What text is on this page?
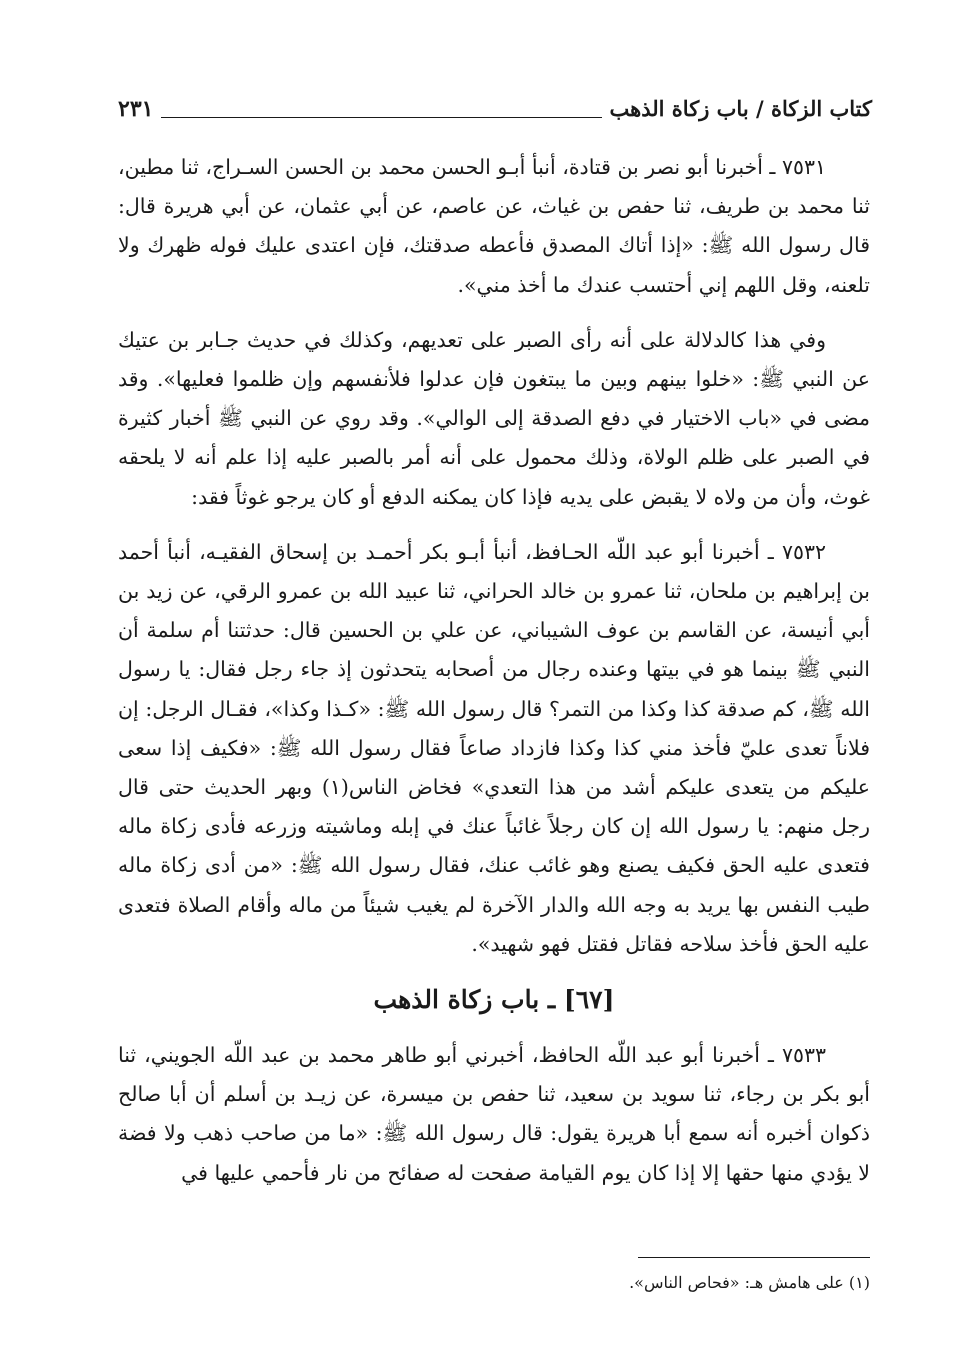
٢٣١	كتاب الزكاة / باب زكاة الذهب

٧٥٣١ ـ أخبرنا أبو نصر بن قتادة، أنبأ أبـو الحسن محمد بن الحسن السـراج، ثنا مطين، ثنا محمد بن طريف، ثنا حفص بن غياث، عن عاصم، عن أبي عثمان، عن أبي هريرة قال: قال رسول الله ﷺ: «إذا أتاك المصدق فأعطه صدقتك، فإن اعتدى عليك فوله ظهرك ولا تلعنه، وقل اللهم إني أحتسب عندك ما أخذ مني».

وفي هذا كالدلالة على أنه رأى الصبر على تعديهم، وكذلك في حديث جـابر بن عتيك عن النبي ﷺ: «خلوا بينهم وبين ما يبتغون فإن عدلوا فلأنفسهم وإن ظلموا فعليها». وقد مضى في «باب الاختيار في دفع الصدقة إلى الوالي». وقد روي عن النبي ﷺ أخبار كثيرة في الصبر على ظلم الولاة، وذلك محمول على أنه أمر بالصبر عليه إذا علم أنه لا يلحقه غوث، وأن من ولاه لا يقبض على يديه فإذا كان يمكنه الدفع أو كان يرجو غوثاً فقد:

٧٥٣٢ ـ أخبرنا أبو عبد اللّه الحـافظ، أنبأ أبـو بكر أحمـد بن إسحاق الفقيـه، أنبأ أحمد بن إبراهيم بن ملحان، ثنا عمرو بن خالد الحراني، ثنا عبيد الله بن عمرو الرقي، عن زيد بن أبي أنيسة، عن القاسم بن عوف الشيباني، عن علي بن الحسين قال: حدثتنا أم سلمة أن النبي ﷺ بينما هو في بيتها وعنده رجال من أصحابه يتحدثون إذ جاء رجل فقال: يا رسول الله ﷺ، كم صدقة كذا وكذا من التمر؟ قال رسول الله ﷺ: «كـذا وكذا»، فقـال الرجل: إن فلاناً تعدى عليّ فأخذ مني كذا وكذا فازداد صاعاً فقال رسول الله ﷺ: «فكيف إذا سعى عليكم من يتعدى عليكم أشد من هذا التعدي» فخاض الناس(١) وبهر الحديث حتى قال رجل منهم: يا رسول الله إن كان رجلاً غائباً عنك في إبله وماشيته وزرعه فأدى زكاة ماله فتعدى عليه الحق فكيف يصنع وهو غائب عنك، فقال رسول الله ﷺ: «من أدى زكاة ماله طيب النفس بها يريد به وجه الله والدار الآخرة لم يغيب شيئاً من ماله وأقام الصلاة فتعدى عليه الحق فأخذ سلاحه فقاتل فقتل فهو شهيد».

[٦٧] ـ باب زكاة الذهب

٧٥٣٣ ـ أخبرنا أبو عبد اللّه الحافظ، أخبرني أبو طاهر محمد بن عبد اللّه الجويني، ثنا أبو بكر بن رجاء، ثنا سويد بن سعيد، ثنا حفص بن ميسرة، عن زيـد بن أسلم أن أبا صالح ذكوان أخبره أنه سمع أبا هريرة يقول: قال رسول الله ﷺ: «ما من صاحب ذهب ولا فضة لا يؤدي منها حقها إلا إذا كان يوم القيامة صفحت له صفائح من نار فأحمي عليها في

(١) على هامش هـ: «فحاص الناس».
